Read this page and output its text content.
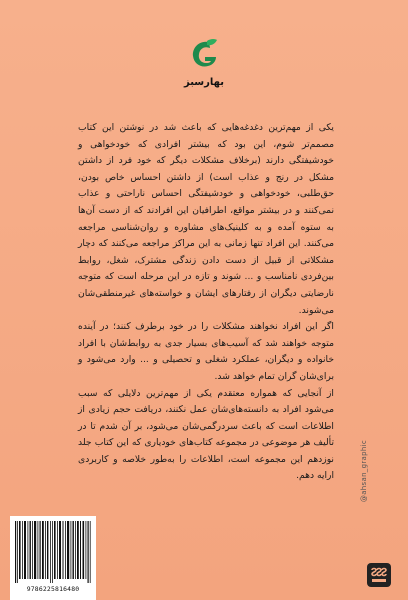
بهارسبز

یکی از مهم‌ترین دغدغه‌هایی که باعث شد در نوشتن این کتاب مصمم‌تر شوم، این بود که بیشتر افرادی که خودخواهی و خودشیفتگی دارند (برخلاف مشکلات دیگر که خود فرد از داشتن مشکل در رنج و عذاب است) از داشتن احساس خاص بودن، حق‌طلبی، خودخواهی و خودشیفتگی احساس ناراحتی و عذاب نمی‌کنند و در بیشتر مواقع، اطرافیان این افرادند که از دست آن‌ها به ستوه آمده و به کلینیک‌های مشاوره و روان‌شناسی مراجعه می‌کنند. این افراد تنها زمانی به این مراکز مراجعه می‌کنند که دچار مشکلاتی از قبیل از دست دادن زندگی مشترک، شغل، روابط بین‌فردی نامناسب و ... شوند و تازه در این مرحله است که متوجه نارضایتی دیگران از رفتارهای ایشان و خواسته‌های غیرمنطقی‌شان می‌شوند.

اگر این افراد نخواهند مشکلات را در خود برطرف کنند؛ در آینده متوجه خواهند شد که آسیب‌های بسیار جدی به روابط‌شان با افراد خانواده و دیگران، عملکرد شغلی و تحصیلی و ... وارد می‌شود و برای‌شان گران تمام خواهد شد.

از آنجایی که همواره معتقدم یکی از مهم‌ترین دلایلی که سبب می‌شود افراد به دانسته‌های‌شان عمل نکنند، دریافت حجم زیادی از اطلاعات است که باعث سردرگمی‌شان می‌شود، بر آن شدم تا در تألیف هر موضوعی در مجموعه کتاب‌های خودیاری که این کتاب جلد نوزدهم این مجموعه است، اطلاعات را به‌طور خلاصه و کاربردی ارایه دهم.	@ahsan_graphic
9786225816480
